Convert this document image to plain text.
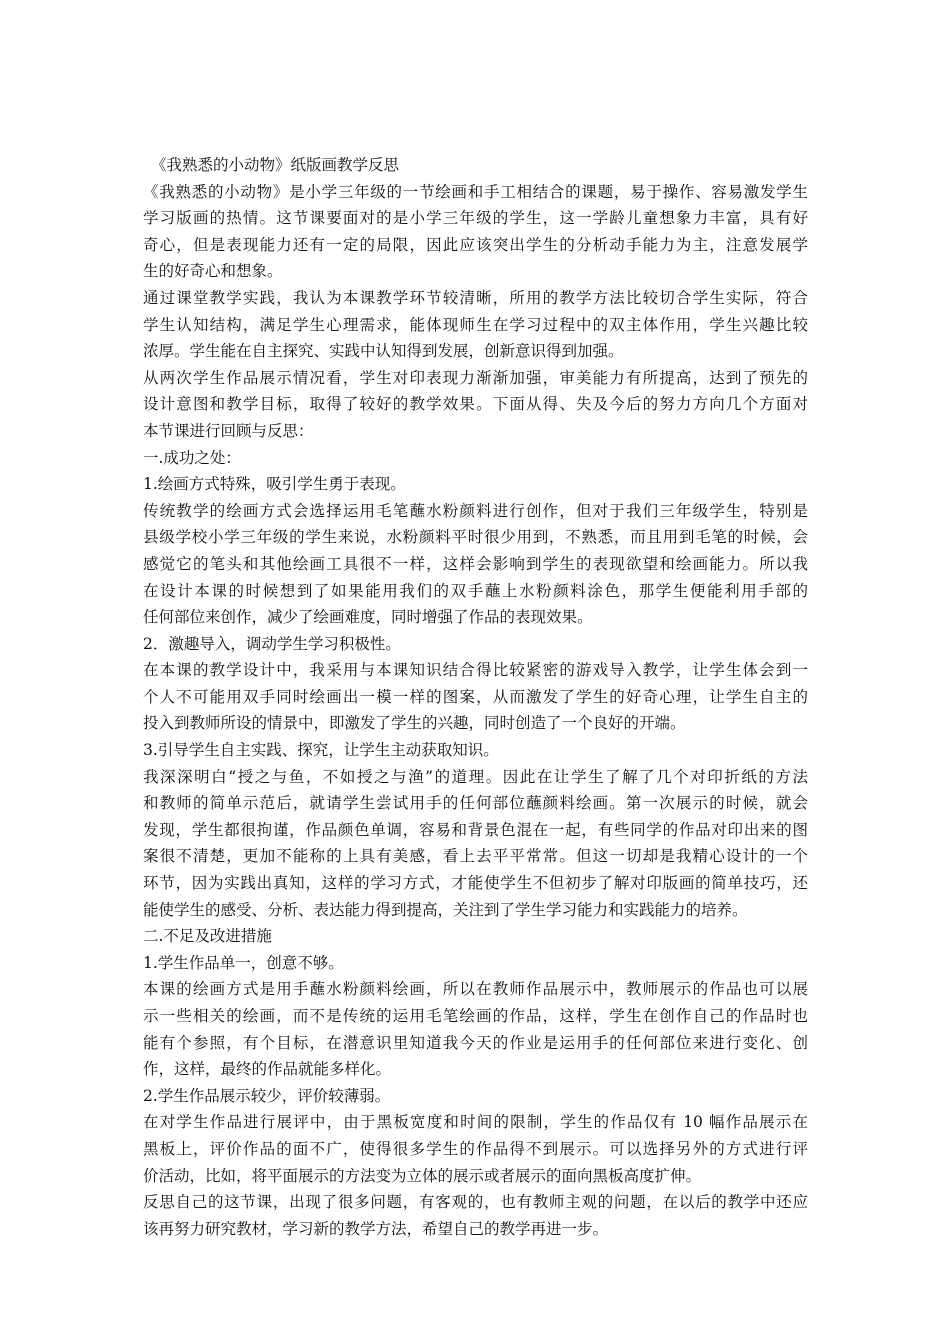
《我熟悉的小动物》纸版画教学反思
《我熟悉的小动物》是小学三年级的一节绘画和手工相结合的课题，易于操作、容易激发学生
学习版画的热情。这节课要面对的是小学三年级的学生，这一学龄儿童想象力丰富，具有好
奇心，但是表现能力还有一定的局限，因此应该突出学生的分析动手能力为主，注意发展学
生的好奇心和想象。
通过课堂教学实践，我认为本课教学环节较清晰，所用的教学方法比较切合学生实际，符合
学生认知结构，满足学生心理需求，能体现师生在学习过程中的双主体作用，学生兴趣比较
浓厚。学生能在自主探究、实践中认知得到发展，创新意识得到加强。
从两次学生作品展示情况看，学生对印表现力渐渐加强，审美能力有所提高，达到了预先的
设计意图和教学目标，取得了较好的教学效果。下面从得、失及今后的努力方向几个方面对
本节课进行回顾与反思：
一.成功之处：
1.绘画方式特殊，吸引学生勇于表现。
传统教学的绘画方式会选择运用毛笔蘸水粉颜料进行创作，但对于我们三年级学生，特别是
县级学校小学三年级的学生来说，水粉颜料平时很少用到，不熟悉，而且用到毛笔的时候，会
感觉它的笔头和其他绘画工具很不一样，这样会影响到学生的表现欲望和绘画能力。所以我
在设计本课的时候想到了如果能用我们的双手蘸上水粉颜料涂色，那学生便能利用手部的
任何部位来创作，减少了绘画难度，同时增强了作品的表现效果。
2．激趣导入，调动学生学习积极性。
在本课的教学设计中，我采用与本课知识结合得比较紧密的游戏导入教学，让学生体会到一
个人不可能用双手同时绘画出一模一样的图案，从而激发了学生的好奇心理，让学生自主的
投入到教师所设的情景中，即激发了学生的兴趣，同时创造了一个良好的开端。
3.引导学生自主实践、探究，让学生主动获取知识。
我深深明白“授之与鱼，不如授之与渔”的道理。因此在让学生了解了几个对印折纸的方法
和教师的简单示范后，就请学生尝试用手的任何部位蘸颜料绘画。第一次展示的时候，就会
发现，学生都很拘谨，作品颜色单调，容易和背景色混在一起，有些同学的作品对印出来的图
案很不清楚，更加不能称的上具有美感，看上去平平常常。但这一切却是我精心设计的一个
环节，因为实践出真知，这样的学习方式，才能使学生不但初步了解对印版画的简单技巧，还
能使学生的感受、分析、表达能力得到提高，关注到了学生学习能力和实践能力的培养。
二.不足及改进措施
1.学生作品单一，创意不够。
本课的绘画方式是用手蘸水粉颜料绘画，所以在教师作品展示中，教师展示的作品也可以展
示一些相关的绘画，而不是传统的运用毛笔绘画的作品，这样，学生在创作自己的作品时也
能有个参照，有个目标，在潜意识里知道我今天的作业是运用手的任何部位来进行变化、创
作，这样，最终的作品就能多样化。
2.学生作品展示较少，评价较薄弱。
在对学生作品进行展评中，由于黑板宽度和时间的限制，学生的作品仅有 10 幅作品展示在
黑板上，评价作品的面不广，使得很多学生的作品得不到展示。可以选择另外的方式进行评
价活动，比如，将平面展示的方法变为立体的展示或者展示的面向黑板高度扩伸。
反思自己的这节课，出现了很多问题，有客观的，也有教师主观的问题，在以后的教学中还应
该再努力研究教材，学习新的教学方法，希望自己的教学再进一步。
